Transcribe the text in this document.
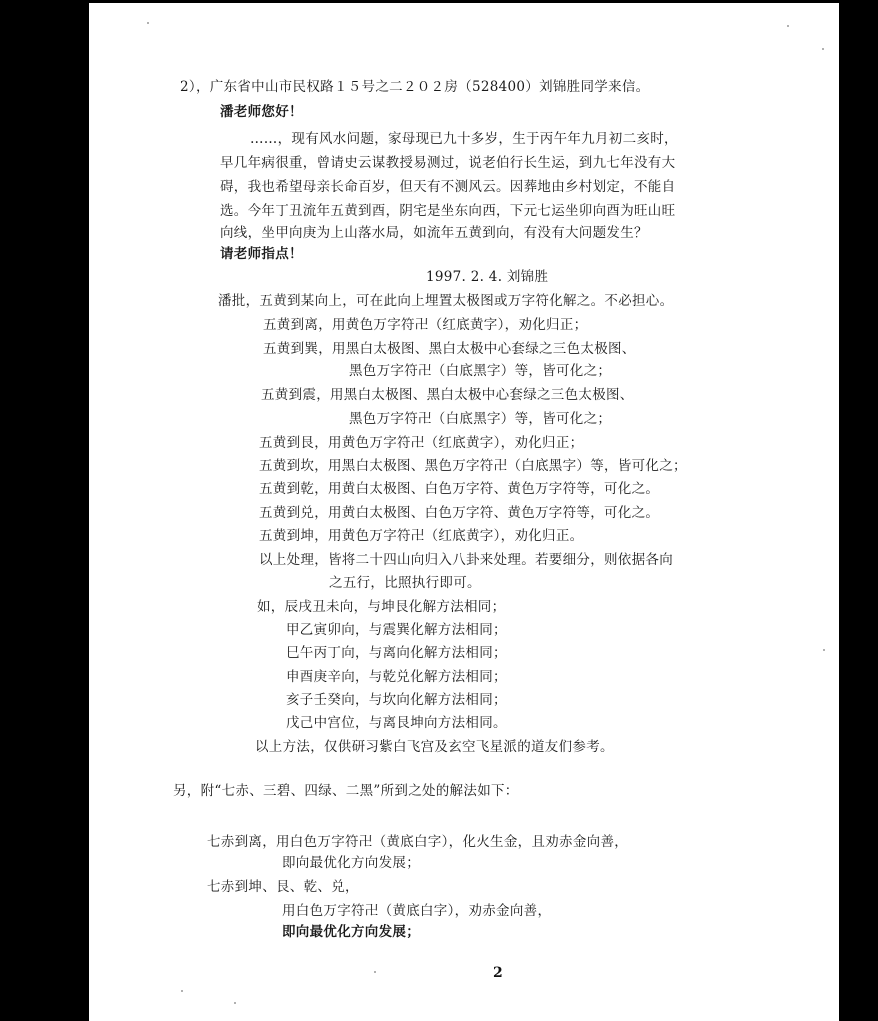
2），广东省中山市民权路１５号之二２０２房（528400）刘锦胜同学来信。
潘老师您好！
……，现有风水问题，家母现已九十多岁，生于丙午年九月初二亥时，
早几年病很重，曾请史云谋教授易测过，说老伯行长生运，到九七年没有大
碍，我也希望母亲长命百岁，但天有不测风云。因葬地由乡村划定，不能自
选。今年丁丑流年五黄到酉，阴宅是坐东向西，下元七运坐卯向酉为旺山旺
向线，坐甲向庚为上山落水局，如流年五黄到向，有没有大问题发生？
请老师指点！
1997. 2. 4. 刘锦胜
潘批，五黄到某向上，可在此向上埋置太极图或万字符化解之。不必担心。
五黄到离，用黄色万字符卍（红底黄字），劝化归正；
五黄到巽，用黑白太极图、黑白太极中心套绿之三色太极图、
黑色万字符卍（白底黑字）等，皆可化之；
五黄到震，用黑白太极图、黑白太极中心套绿之三色太极图、
黑色万字符卍（白底黑字）等，皆可化之；
五黄到艮，用黄色万字符卍（红底黄字），劝化归正；
五黄到坎，用黑白太极图、黑色万字符卍（白底黑字）等，皆可化之；
五黄到乾，用黄白太极图、白色万字符、黄色万字符等，可化之。
五黄到兑，用黄白太极图、白色万字符、黄色万字符等，可化之。
五黄到坤，用黄色万字符卍（红底黄字），劝化归正。
以上处理，皆将二十四山向归入八卦来处理。若要细分，则依据各向
之五行，比照执行即可。
如，辰戌丑未向，与坤艮化解方法相同；
甲乙寅卯向，与震巽化解方法相同；
巳午丙丁向，与离向化解方法相同；
申酉庚辛向，与乾兑化解方法相同；
亥子壬癸向，与坎向化解方法相同；
戊己中宫位，与离艮坤向方法相同。
以上方法，仅供研习紫白飞宫及玄空飞星派的道友们参考。
另，附“七赤、三碧、四绿、二黑”所到之处的解法如下：
七赤到离，用白色万字符卍（黄底白字），化火生金，且劝赤金向善，
即向最优化方向发展；
七赤到坤、艮、乾、兑，
用白色万字符卍（黄底白字），劝赤金向善，
即向最优化方向发展；
2
